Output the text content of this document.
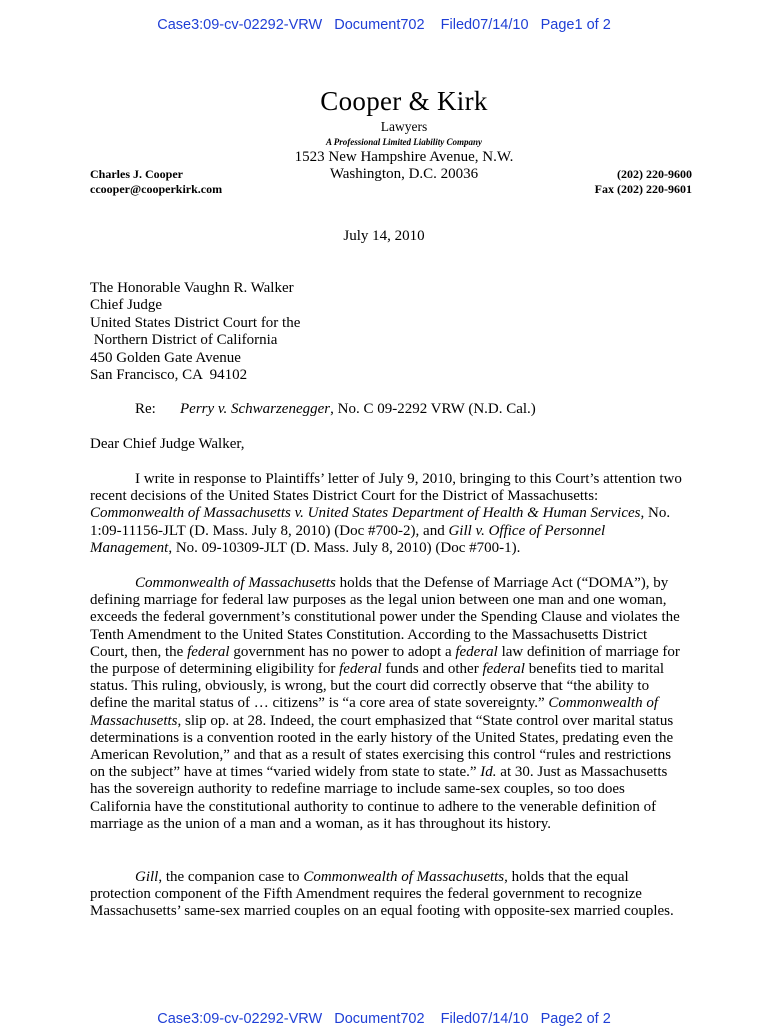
Case3:09-cv-02292-VRW   Document702    Filed07/14/10   Page1 of 2
Cooper & Kirk
Lawyers
A Professional Limited Liability Company
1523 New Hampshire Avenue, N.W.
Washington, D.C. 20036
Charles J. Cooper
ccooper@cooperkirk.com
(202) 220-9600
Fax (202) 220-9601
July 14, 2010
The Honorable Vaughn R. Walker
Chief Judge
United States District Court for the
Northern District of California
450 Golden Gate Avenue
San Francisco, CA  94102
Re: Perry v. Schwarzenegger, No. C 09-2292 VRW (N.D. Cal.)
Dear Chief Judge Walker,

I write in response to Plaintiffs’ letter of July 9, 2010, bringing to this Court’s attention two recent decisions of the United States District Court for the District of Massachusetts: Commonwealth of Massachusetts v. United States Department of Health & Human Services, No. 1:09-11156-JLT (D. Mass. July 8, 2010) (Doc #700-2), and Gill v. Office of Personnel Management, No. 09-10309-JLT (D. Mass. July 8, 2010) (Doc #700-1).

Commonwealth of Massachusetts holds that the Defense of Marriage Act (“DOMA”), by defining marriage for federal law purposes as the legal union between one man and one woman, exceeds the federal government’s constitutional power under the Spending Clause and violates the Tenth Amendment to the United States Constitution. According to the Massachusetts District Court, then, the federal government has no power to adopt a federal law definition of marriage for the purpose of determining eligibility for federal funds and other federal benefits tied to marital status. This ruling, obviously, is wrong, but the court did correctly observe that “the ability to define the marital status of … citizens” is “a core area of state sovereignty.” Commonwealth of Massachusetts, slip op. at 28. Indeed, the court emphasized that “State control over marital status determinations is a convention rooted in the early history of the United States, predating even the American Revolution,” and that as a result of states exercising this control “rules and restrictions on the subject” have at times “varied widely from state to state.” Id. at 30. Just as Massachusetts has the sovereign authority to redefine marriage to include same-sex couples, so too does California have the constitutional authority to continue to adhere to the venerable definition of marriage as the union of a man and a woman, as it has throughout its history.

Gill, the companion case to Commonwealth of Massachusetts, holds that the equal protection component of the Fifth Amendment requires the federal government to recognize Massachusetts’ same-sex married couples on an equal footing with opposite-sex married couples.

Case3:09-cv-02292-VRW   Document702    Filed07/14/10   Page2 of 2
